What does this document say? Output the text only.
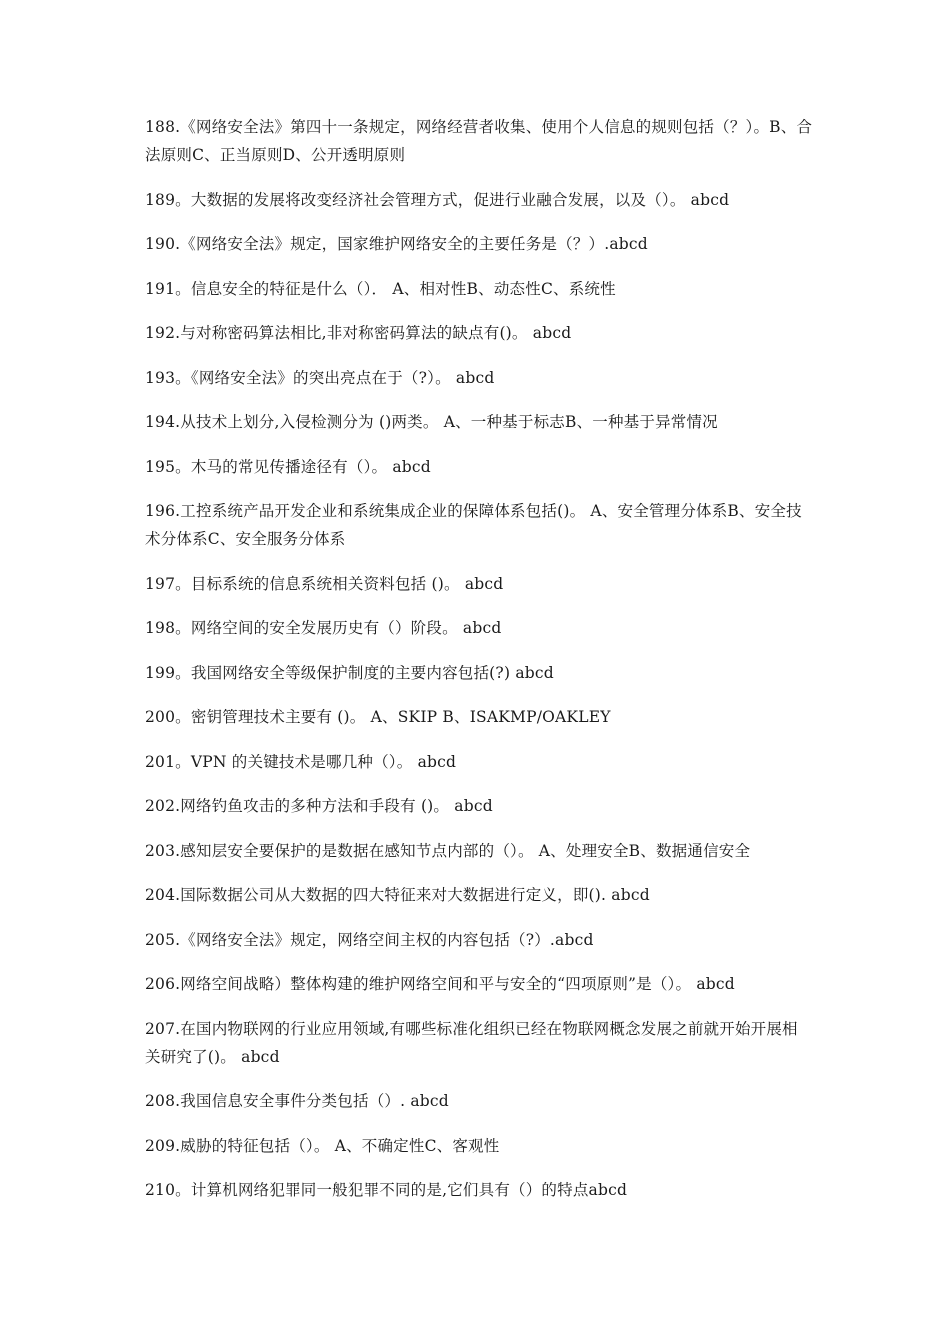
188.《网络安全法》第四十一条规定，网络经营者收集、使用个人信息的规则包括（？）。B、合法原则C、正当原则D、公开透明原则
189。大数据的发展将改变经济社会管理方式，促进行业融合发展，以及（）。 abcd
190.《网络安全法》规定，国家维护网络安全的主要任务是（？）.abcd
191。信息安全的特征是什么（）． A、相对性B、动态性C、系统性
192.与对称密码算法相比,非对称密码算法的缺点有()。 abcd
193。《网络安全法》的突出亮点在于（?）。 abcd
194.从技术上划分,入侵检测分为 ()两类。 A、一种基于标志B、一种基于异常情况
195。木马的常见传播途径有（）。 abcd
196.工控系统产品开发企业和系统集成企业的保障体系包括()。 A、安全管理分体系B、安全技术分体系C、安全服务分体系
197。目标系统的信息系统相关资料包括 ()。 abcd
198。网络空间的安全发展历史有（）阶段。 abcd
199。我国网络安全等级保护制度的主要内容包括(?) abcd
200。密钥管理技术主要有 ()。 A、SKIP B、ISAKMP/OAKLEY
201。VPN 的关键技术是哪几种（）。 abcd
202.网络钓鱼攻击的多种方法和手段有 ()。 abcd
203.感知层安全要保护的是数据在感知节点内部的（）。 A、处理安全B、数据通信安全
204.国际数据公司从大数据的四大特征来对大数据进行定义，即(). abcd
205.《网络安全法》规定，网络空间主权的内容包括（?）.abcd
206.网络空间战略）整体构建的维护网络空间和平与安全的“四项原则”是（）。 abcd
207.在国内物联网的行业应用领域,有哪些标准化组织已经在物联网概念发展之前就开始开展相关研究了()。 abcd
208.我国信息安全事件分类包括（）. abcd
209.威胁的特征包括（）。 A、不确定性C、客观性
210。计算机网络犯罪同一般犯罪不同的是,它们具有（）的特点abcd
